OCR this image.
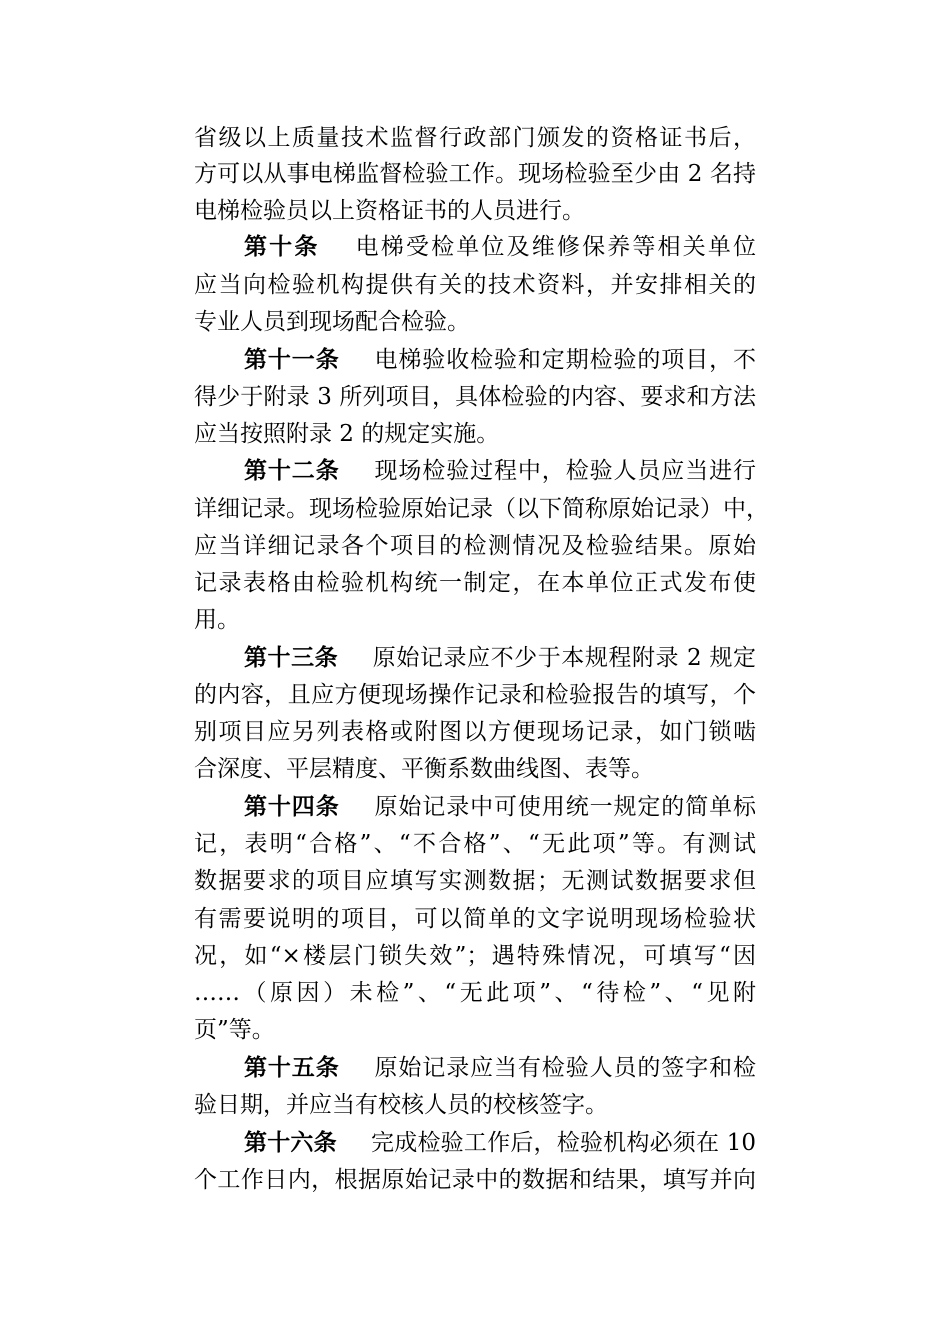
省级以上质量技术监督行政部门颁发的资格证书后，
方可以从事电梯监督检验工作。现场检验至少由 2 名持
电梯检验员以上资格证书的人员进行。
第十条 电梯受检单位及维修保养等相关单位
应当向检验机构提供有关的技术资料，并安排相关的
专业人员到现场配合检验。
第十一条 电梯验收检验和定期检验的项目，不
得少于附录 3 所列项目，具体检验的内容、要求和方法
应当按照附录 2 的规定实施。
第十二条 现场检验过程中，检验人员应当进行
详细记录。现场检验原始记录（以下简称原始记录）中，
应当详细记录各个项目的检测情况及检验结果。原始
记录表格由检验机构统一制定，在本单位正式发布使
用。
第十三条 原始记录应不少于本规程附录 2 规定
的内容，且应方便现场操作记录和检验报告的填写，个
别项目应另列表格或附图以方便现场记录，如门锁啮
合深度、平层精度、平衡系数曲线图、表等。
第十四条 原始记录中可使用统一规定的简单标
记，表明“合格”、“不合格”、“无此项”等。有测试
数据要求的项目应填写实测数据；无测试数据要求但
有需要说明的项目，可以简单的文字说明现场检验状
况，如“×楼层门锁失效”；遇特殊情况，可填写“因
……（原因）未检”、“无此项”、“待检”、“见附
页”等。
第十五条 原始记录应当有检验人员的签字和检
验日期，并应当有校核人员的校核签字。
第十六条 完成检验工作后，检验机构必须在 10
个工作日内，根据原始记录中的数据和结果，填写并向
